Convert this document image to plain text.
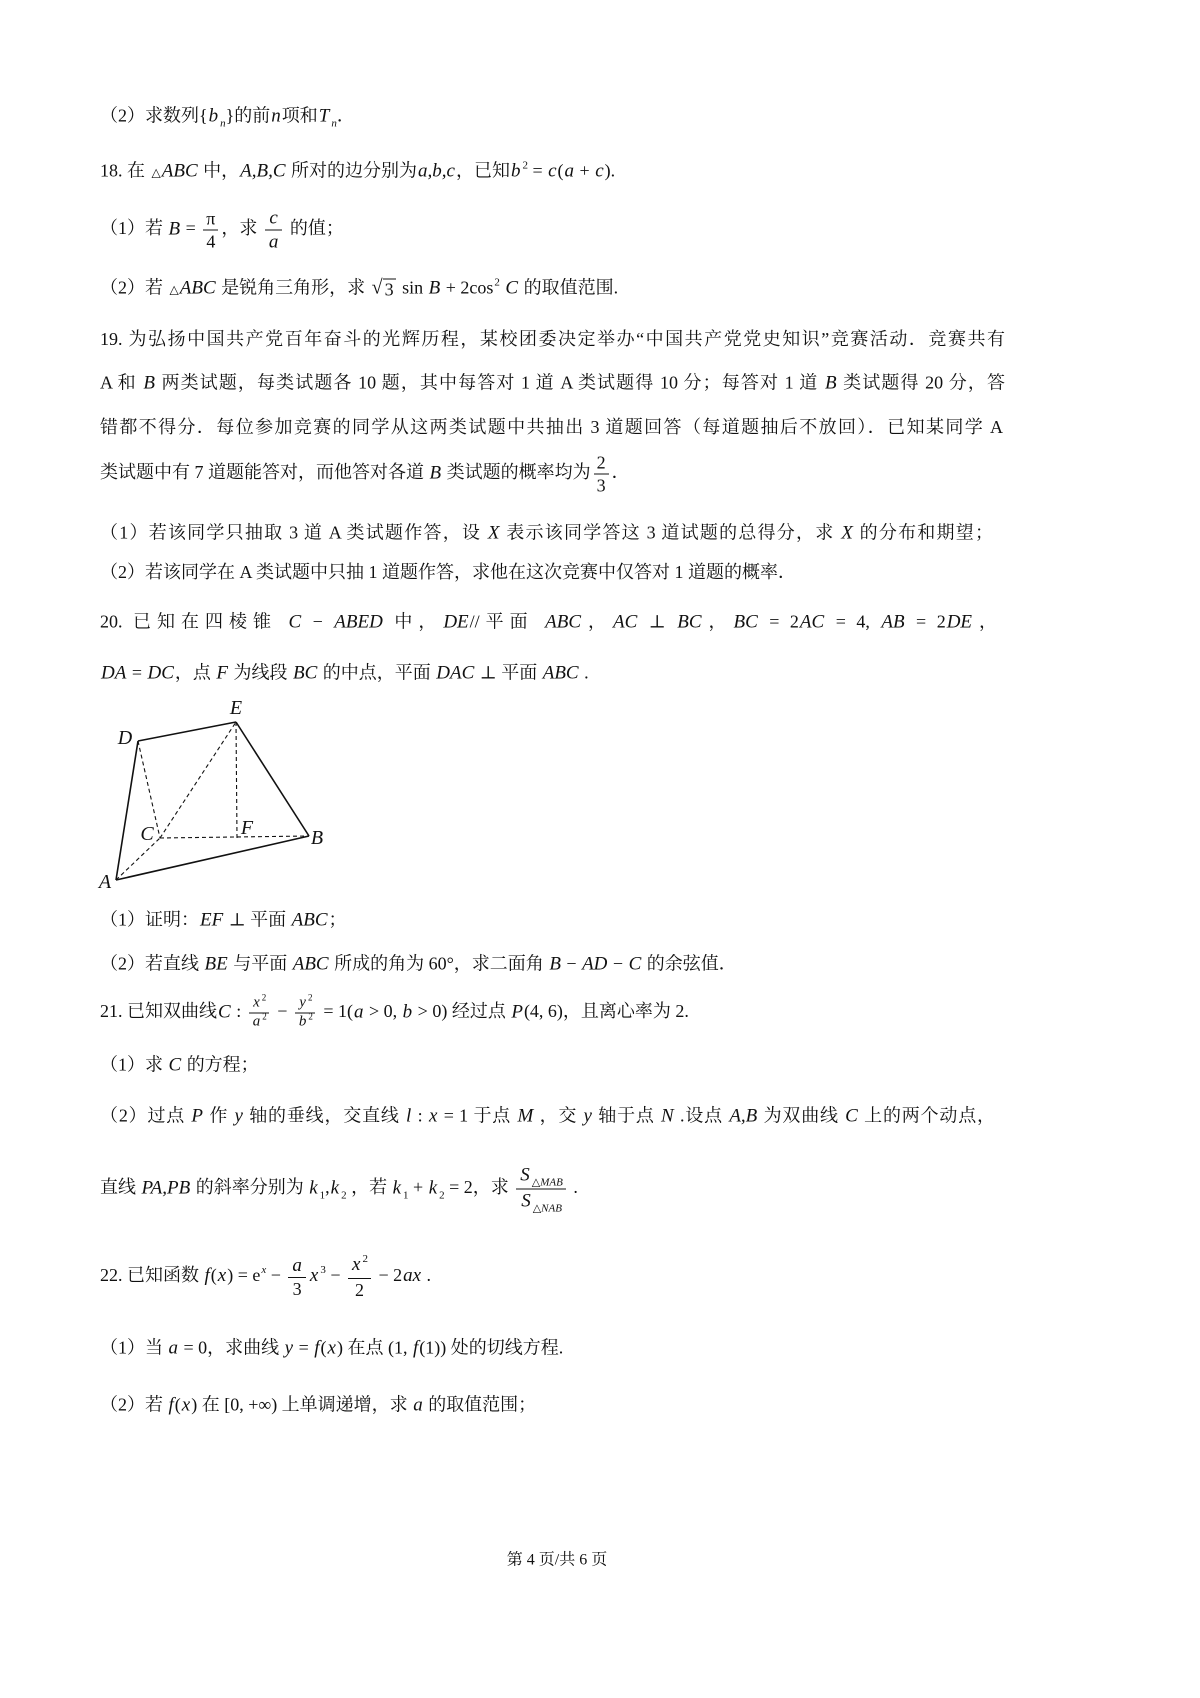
（2）求数列{b $_n$}的前n项和T $_n$．
18. 在 △ABC 中，A,B,C 所对的边分别为a,b,c，已知b $^2$ = c(a + c).
（1）若 $B = \frac{\pi}{4}$ ，求 $\frac{c}{a}$ 的值；
（2）若 △ABC 是锐角三角形，求 √ 3 $\sin B + 2\cos^2$ C 的取值范围.
19. 为弘扬中国共产党百年奋斗的光辉历程，某校团委决定举办“中国共产党党史知识”竞赛活动．竞赛共有
A 和 B 两类试题，每类试题各 10 题，其中每答对 1 道 A 类试题得 10 分；每答对 1 道 B 类试题得 20 分，答
错都不得分．每位参加竞赛的同学从这两类试题中共抽出 3 道题回答（每道题抽后不放回）．已知某同学 A
类试题中有 7 道题能答对，而他答对各道 B 类试题的概率均为 $\frac{2}{3}$ ．
（1）若该同学只抽取 3 道 A 类试题作答，设 X 表示该同学答这 3 道试题的总得分，求 X 的分布和期望；
（2）若该同学在 A 类试题中只抽 1 道题作答，求他在这次竞赛中仅答对 1 道题的概率．
20. 已知在四棱锥 C − ABED 中，DE//平面 ABC，AC ⊥ BC，BC = 2AC = 4, AB = 2DE，
DA = DC，点 F 为线段 BC 的中点，平面 DAC ⊥ 平面 ABC .
D
E
C	F	B
A
（1）证明：EF ⊥ 平面 ABC；
（2）若直线 BE 与平面 ABC 所成的角为 60°，求二面角 B − AD − C 的余弦值．
21. 已知双曲线C : $\frac{x ^2}{a ^2} - \frac{y ^2}{b ^2} = 1(a > 0$, b > 0) 经过点 P(4, 6)，且离心率为 2.
（1）求 C 的方程；
（2）过点 P 作 y 轴的垂线，交直线 l : x = 1 于点 M ，交 y 轴于点 N .设点 A,B 为双曲线 C 上的两个动点，
直线 PA,PB 的斜率分别为 k $_1$,k $_2$ ，若 k $_1$ + k $_2$ = 2，求 $\frac{S _{\triangle MAB}}{S _{\triangle NAB}}$ .
22. 已知函数 $f(x) = e^x - \frac{a}{3}$ x $^3 - \frac{x ^2}{2} - 2ax$ .
（1）当 a = 0，求曲线 y = f(x) 在点 (1, f(1)) 处的切线方程.
（2）若 f(x) 在 [0, +∞) 上单调递增，求 a 的取值范围；
第 4 页/共 6 页
